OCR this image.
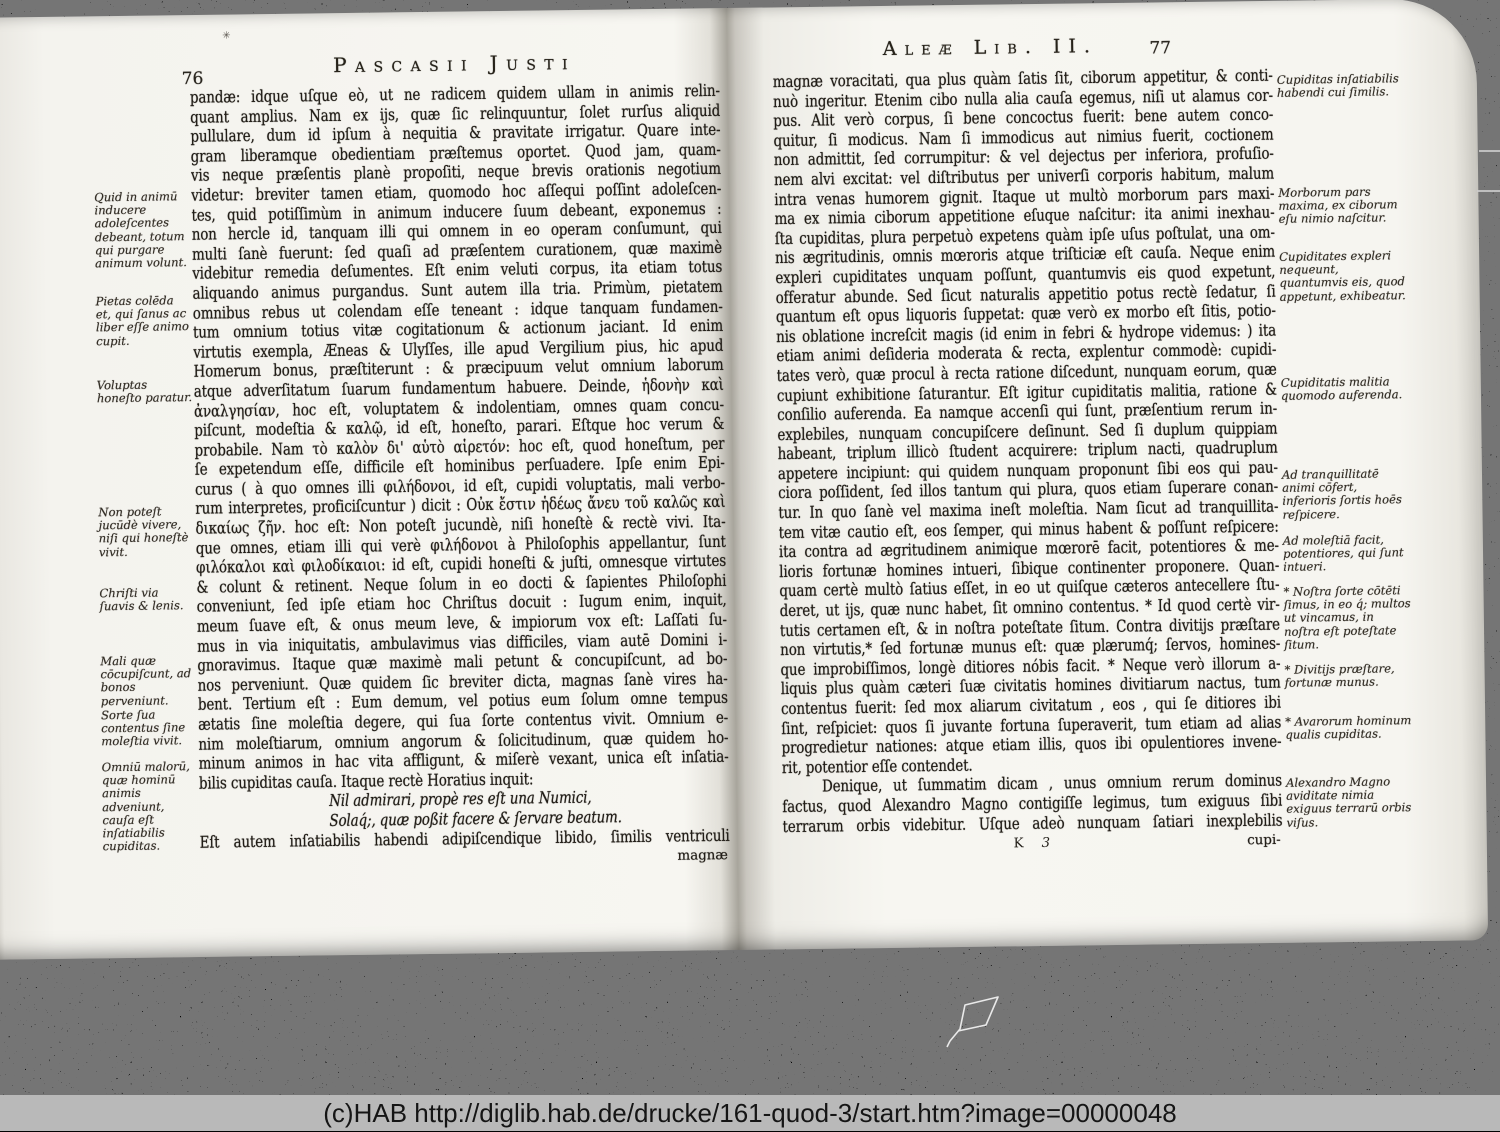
✳
76
Pascasii Justi
Aleæ Lib. II.	77
pandæ: idque uſque eò, ut ne radicem quidem ullam in animis relin-
quant amplius. Nam ex ijs, quæ ſic relinquuntur, ſolet rurſus aliquid
pullulare, dum id ipſum à nequitia & pravitate irrigatur. Quare inte-
gram liberamque obedientiam præſtemus oportet. Quod jam, quam-
vis neque præſentis planè propoſiti, neque brevis orationis negotium
videtur: breviter tamen etiam, quomodo hoc aſſequi poſſint adoleſcen-
tes, quid potiſſimùm in animum inducere ſuum debeant, exponemus :
non hercle id, tanquam illi qui omnem in eo operam conſumunt, qui
multi ſanè fuerunt: ſed quaſi ad præſentem curationem, quæ maximè
videbitur remedia deſumentes. Eſt enim veluti corpus, ita etiam totus
aliquando animus purgandus. Sunt autem illa tria. Primùm, pietatem
omnibus rebus ut colendam eſſe teneant : idque tanquam fundamen-
tum omnium totius vitæ cogitationum & actionum jaciant. Id enim
virtutis exempla, Æneas & Ulyſſes, ille apud Vergilium pius, hic apud
Homerum bonus, præſtiterunt : & præcipuum velut omnium laborum
atque adverſitatum ſuarum fundamentum habuere. Deinde, ἡδονὴν καὶ
ἀναλγησίαν, hoc eſt, voluptatem & indolentiam, omnes quam concu-
piſcunt, modeſtia & καλῷ, id eſt, honeſto, parari. Eſtque hoc verum &
probabile. Nam τὸ καλὸν δι' αὑτὸ αἱρετόν: hoc eſt, quod honeſtum, per
ſe expetendum eſſe, difficile eſt hominibus perſuadere. Ipſe enim Epi-
curus ( à quo omnes illi φιλήδονοι, id eſt, cupidi voluptatis, mali verbo-
rum interpretes, proficiſcuntur ) dicit : Οὐκ ἔστιν ἡδέως ἄνευ τοῦ καλῶς καὶ
δικαίως ζῆν. hoc eſt: Non poteſt jucundè, niſi honeſtè & rectè vivi. Ita-
que omnes, etiam illi qui verè φιλήδονοι à Philoſophis appellantur, ſunt
φιλόκαλοι καὶ φιλοδίκαιοι: id eſt, cupidi honeſti & juſti, omnesque virtutes
& colunt & retinent. Neque ſolum in eo docti & ſapientes Philoſophi
conveniunt, ſed ipſe etiam hoc Chriſtus docuit : Iugum enim, inquit,
meum ſuave eſt, & onus meum leve, & impiorum vox eſt: Laſſati ſu-
mus in via iniquitatis, ambulavimus vias difficiles, viam autē Domini i-
gnoravimus. Itaque quæ maximè mali petunt & concupiſcunt, ad bo-
nos perveniunt. Quæ quidem ſic breviter dicta, magnas ſanè vires ha-
bent. Tertium eſt : Eum demum, vel potius eum ſolum omne tempus
ætatis ſine moleſtia degere, qui ſua ſorte contentus vivit. Omnium e-
nim moleſtiarum, omnium angorum & ſolicitudinum, quæ quidem ho-
minum animos in hac vita affligunt, & miſerè vexant, unica eſt inſatia-
bilis cupiditas cauſa. Itaque rectè Horatius inquit:
Nil admirari, propè res eſt una Numici,
Solaq́;, quæ poßit facere & ſervare beatum.
Eſt autem inſatiabilis habendi adipiſcendique libido, ſimilis ventriculi
magnæ
magnæ voracitati, qua plus quàm ſatis ſit, ciborum appetitur, & conti-
nuò ingeritur. Etenim cibo nulla alia cauſa egemus, niſi ut alamus cor-
pus. Alit verò corpus, ſi bene concoctus fuerit: bene autem conco-
quitur, ſi modicus. Nam ſi immodicus aut nimius fuerit, coctionem
non admittit, ſed corrumpitur: & vel dejectus per inferiora, profuſio-
nem alvi excitat: vel diſtributus per univerſi corporis habitum, malum
intra venas humorem gignit. Itaque ut multò morborum pars maxi-
ma ex nimia ciborum appetitione eſuque naſcitur: ita animi inexhau-
ſta cupiditas, plura perpetuò expetens quàm ipſe uſus poſtulat, una om-
nis ægritudinis, omnis mœroris atque triſticiæ eſt cauſa. Neque enim
expleri cupiditates unquam poſſunt, quantumvis eis quod expetunt,
offeratur abunde. Sed ſicut naturalis appetitio potus rectè ſedatur, ſi
quantum eſt opus liquoris ſuppetat: quæ verò ex morbo eſt ſitis, potio-
nis oblatione increſcit magis (id enim in febri & hydrope videmus: ) ita
etiam animi deſideria moderata & recta, explentur commodè: cupidi-
tates verò, quæ procul à recta ratione diſcedunt, nunquam eorum, quæ
cupiunt exhibitione ſaturantur. Eſt igitur cupiditatis malitia, ratione &
conſilio auferenda. Ea namque accenſi qui ſunt, præſentium rerum in-
explebiles, nunquam concupiſcere deſinunt. Sed ſi duplum quippiam
habeant, triplum illicò ſtudent acquirere: triplum nacti, quadruplum
appetere incipiunt: qui quidem nunquam proponunt ſibi eos qui pau-
ciora poſſident, ſed illos tantum qui plura, quos etiam ſuperare conan-
tur. In quo ſanè vel maxima ineſt moleſtia. Nam ſicut ad tranquillita-
tem vitæ cautio eſt, eos ſemper, qui minus habent & poſſunt reſpicere:
ita contra ad ægritudinem animique mœrorē facit, potentiores & me-
lioris fortunæ homines intueri, ſibique continenter proponere. Quan-
quam certè multò ſatius eſſet, in eo ut quiſque cæteros antecellere ſtu-
deret, ut ijs, quæ nunc habet, ſit omnino contentus. * Id quod certè vir-
tutis certamen eſt, & in noſtra poteſtate ſitum. Contra divitijs præſtare
non virtutis,* ſed fortunæ munus eſt: quæ plærumq́; ſervos, homines-
que improbiſſimos, longè ditiores nóbis facit. * Neque verò illorum a-
liquis plus quàm cæteri ſuæ civitatis homines divitiarum nactus, tum
contentus fuerit: ſed mox aliarum civitatum , eos , qui ſe ditiores ibi
ſint, reſpiciet: quos ſi juvante fortuna ſuperaverit, tum etiam ad alias
progredietur nationes: atque etiam illis, quos ibi opulentiores invene-
rit, potentior eſſe contendet.
Denique, ut ſummatim dicam , unus omnium rerum dominus
factus, quod Alexandro Magno contigiſſe legimus, tum exiguus ſibi
terrarum orbis videbitur. Uſque adeò nunquam ſatiari inexplebilis
K 3	cupi-
Quid in animū inducere adoleſcentes debeant, totum qui purgare animum volunt.
Pietas colēda et, qui ſanus ac liber eſſe animo cupit.
Voluptas honeſto paratur.
Non poteſt jucūdè vivere, niſi qui honeſtè vivit.
Chriſti via ſuavis & lenis.
Mali quæ cōcupiſcunt, ad bonos perveniunt.
Sorte ſua contentus ſine moleſtia vivit.
Omniū malorū, quæ hominū animis adveniunt, cauſa eſt inſatiabilis cupiditas.
Cupiditas inſatiabilis habendi cui ſimilis.
Morborum pars maxima, ex ciborum eſu nimio naſcitur.
Cupiditates expleri nequeunt, quantumvis eis, quod appetunt, exhibeatur.
Cupiditatis malitia quomodo auferenda.
Ad tranquillitatē animi cōfert, inferioris ſortis hoēs reſpicere.
Ad moleſtiā facit, potentiores, qui ſunt intueri.
* Noſtra ſorte cōtēti ſimus, in eo q́; multos ut vincamus, in noſtra eſt poteſtate ſitum.
* Divitijs præſtare, fortunæ munus.
* Avarorum hominum qualis cupiditas.
Alexandro Magno aviditate nimia exiguus terrarū orbis viſus.
(c)HAB http://diglib.hab.de/drucke/161-quod-3/start.htm?image=00000048
